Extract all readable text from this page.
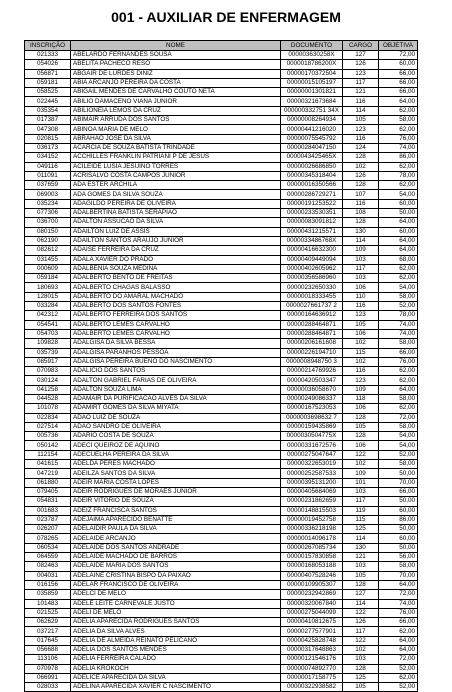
001 - AUXILIAR DE ENFERMAGEM
INSCRIÇÃO	NOME	DOCUMENTO	CARGO	OBJETIVA
021333	ABELARDO FERNANDES SOUSA	000003630258X	127	72,00
054026	ABELITA PACHECO RESO	0000018786200X	126	60,00
056871	ABGAIR DE LURDES DINIZ	00000170372504	123	66,00
059181	ABIA ARCANJO PEREIRA DA COSTA	00000015105197	117	66,00
058525	ABIGAIL MENDES DE CARVALHO COUTO NETA	00000001301821	121	66,00
022445	ABILIO DAMACENO VIANA JUNIOR	00000321673684	116	64,00
035354	ABILIONEIA LEMOS DA CRUZ	000000332751 34X	114	62,00
017387	ABIMAIR ARRUDA DOS SANTOS	00000008264934	105	58,00
047308	ABINOA MARIA DE MELO	00000441216020	123	62,00
020815	ABRAHAO JOSE DA SILVA	00000075545792	116	76,00
036173	ACARCIA DE SOUZA BATISTA TRINDADE	00000284047150	124	74,00
034152	ACCHILLES FRANKLIN PATRIANI P DE JESUS	0000043425465X	128	86,00
049116	ACILEIDE LUSIA JESUINO TORRES	00000026686850	102	62,00
011091	ACRISALVO COSTA CAMPOS JUNIOR	00000345318404	126	78,00
037659	ADA ESTER ARCHILA	00000016350566	128	62,00
069003	ADA GOMES DA SILVA SOUZA	00000286729271	107	54,00
035234	ADAGILDO PEREIRA DE OLIVEIRA	00000191253522	116	60,00
077306	ADALBERTINA BATISTA SERAPIAO	00000233530351	108	50,00
036700	ADALTON ASSUCAO DA SILVA	00000083091812	128	64,00
080150	ADAILTON LUIZ DE ASSIS	00000431215571	130	60,00
062190	ADAILTON SANTOS ARAUJO JUNIOR	0000033486768X	114	64,00
082612	ADAISE FERREIRA DA CRUZ	00000416632300	109	64,00
031455	ADALA XAVIER DO PRADO	00000409449094	103	68,00
000609	ADALBENIA SOUZA MEDINA	00000402605962	117	62,00
059184	ADALBERTO BENTO DE FREITAS	00000356586960	103	62,00
180693	ADALBERTO CHAGAS BALASSO	00000232650330	106	54,00
128015	ADALBERTO DO AMARAL MACHADO	00000018333455	110	58,00
033284	ADALBERTO DOS SANTOS FONTES	0000027661737 2	116	52,00
042312	ADALBERTO FERREIRA DOS SANTOS	00000164636912	123	78,00
054541	ADALBERTO LEMES CARVALHO	00000288464871	105	74,00
054703	ADALBERTO LEMES CARVALHO	00000288464871	106	74,00
109828	ADALGISA DA SILVA BESSA	00000206161608	102	58,00
035739	ADALGISA PARANHOS PESSOA	00000226194710	115	66,00
085917	ADALGISA PEREIRA BUENO DO NASCIMENTO	0000008948750 3	102	76,00
070983	ADALICIO DOS SANTOS	00000214769926	116	62,00
030124	ADALTON GABRIEL FARIAS DE OLIVEIRA	00000420503347	123	62,00
041258	ADALTON SOUZA LIMA	00000036058670	109	64,00
044528	ADAMAIR DA PURIFICACAO ALVES DA SILVA	00000249086337	118	58,00
101078	ADAMIRT GOMES DA SILVA MIYATA	00000167523053	106	62,00
022834	ADAO LUIZ DE SOUZA	0000003698632 7	128	72,00
027514	ADAO SANDRO DE OLIVEIRA	00000159435869	105	58,00
005736	ADARIO COSTA DE SOUZA	0000030504775X	128	54,00
050142	ADECI QUEIROZ DE AQUINO	00000331672576	106	54,00
112154	ADECUELHA PEREIRA DA SILVA	00000275047647	122	52,00
041615	ADELDA PERES MACHADO	00000322653019	102	58,00
047219	ADEILZA SANTOS DA SILVA	00000252587533	109	50,00
061880	ADEIR MARIA COSTA LOPES	00000395131200	101	70,00
079405	ADEIR RODRIGUES DE MORAES JUNIOR	00000405684069	103	66,00
054831	ADEIR VITORIO DE SOUZA	00000231862659	117	50,00
001683	ADEIZ FRANCISCA SANTOS	00000148815503	119	60,00
023787	ADEJAIMA APARECIDO BENATTE	00000019452758	115	86,00
026207	ADELAIDIR PAULA DA SILVA	00000336218198	125	50,00
078265	ADELAIDE ARCANJO	00000014096178	114	60,00
060534	ADELAIDE DOS SANTOS ANDRADE	00000267085734	130	50,00
064559	ADELAIDE MACHADO DE BARROS	00000157830858	121	56,00
082463	ADELAIDE MARIA DOS SANTOS	00000168053188	103	58,00
004031	ADELAINE CRISTINA BISPO DA PAIXAO	00000407528246	105	70,00
016156	ADELAR FRANCISCO DE OLIVEIRA	00000109905307	128	64,00
035859	ADELCI DE MELO	00000232942869	127	72,00
101483	ADELE LEITE CARNEVALE JUSTO	00000320067840	114	74,00
021525	ADELI DE MELO	00000275044099	122	76,00
062629	ADELIA APARECIDA RODRIGUES SANTOS	00000410812675	126	66,00
037217	ADELIA DA SILVA ALVES	00000277577901	117	62,00
017645	ADELIA DE ALMEIDA REINATO PELICANO	00000425828748	122	64,00
056688	ADELIA DOS SANTOS MENDES	00000317648863	102	64,00
113106	ADELIA FERREIRA CALADO	00000121546176	103	72,00
070978	ADELIA KROKOCH	00000074892770	128	52,00
066991	ADELICE APARECIDA DA SILVA	00000017158775	125	62,00
028033	ADELINA APARECIDA XAVIER C NASCIMENTO	00000322938582	105	52,00
